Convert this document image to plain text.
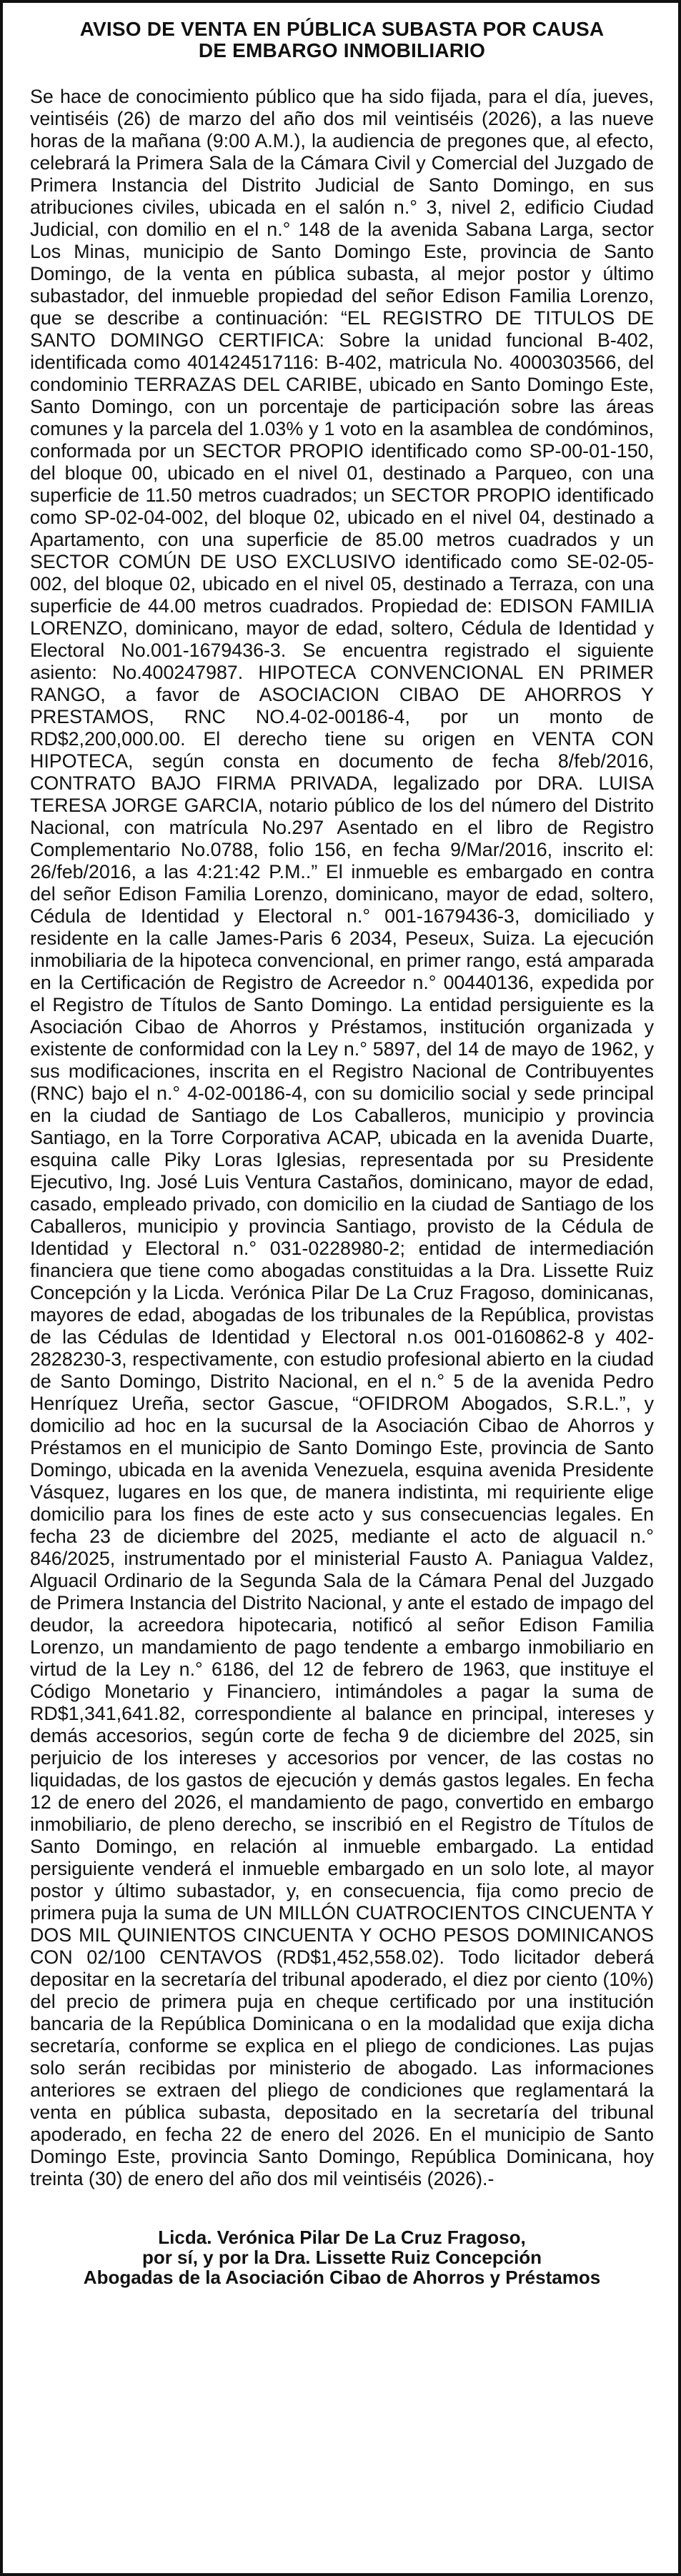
AVISO DE VENTA EN PÚBLICA SUBASTA POR CAUSA
DE EMBARGO INMOBILIARIO

Se hace de conocimiento público que ha sido fijada, para el día, jueves, veintiséis (26) de marzo del año dos mil veintiséis (2026), a las nueve horas de la mañana (9:00 A.M.), la audiencia de pregones que, al efecto, celebrará la Primera Sala de la Cámara Civil y Comercial del Juzgado de Primera Instancia del Distrito Judicial de Santo Domingo, en sus atribuciones civiles, ubicada en el salón n.° 3, nivel 2, edificio Ciudad Judicial, con domilio en el n.° 148 de la avenida Sabana Larga, sector Los Minas, municipio de Santo Domingo Este, provincia de Santo Domingo, de la venta en pública subasta, al mejor postor y último subastador, del inmueble propiedad del señor Edison Familia Lorenzo, que se describe a continuación: “EL REGISTRO DE TITULOS DE SANTO DOMINGO CERTIFICA: Sobre la unidad funcional B-402, identificada como 401424517116: B-402, matricula No. 4000303566, del condominio TERRAZAS DEL CARIBE, ubicado en Santo Domingo Este, Santo Domingo, con un porcentaje de participación sobre las áreas comunes y la parcela del 1.03% y 1 voto en la asamblea de condóminos, conformada por un SECTOR PROPIO identificado como SP-00-01-150, del bloque 00, ubicado en el nivel 01, destinado a Parqueo, con una superficie de 11.50 metros cuadrados; un SECTOR PROPIO identificado como SP-02-04-002, del bloque 02, ubicado en el nivel 04, destinado a Apartamento, con una superficie de 85.00 metros cuadrados y un SECTOR COMÚN DE USO EXCLUSIVO identificado como SE-02-05-002, del bloque 02, ubicado en el nivel 05, destinado a Terraza, con una superficie de 44.00 metros cuadrados. Propiedad de: EDISON FAMILIA LORENZO, dominicano, mayor de edad, soltero, Cédula de Identidad y Electoral No.001-1679436-3. Se encuentra registrado el siguiente asiento: No.400247987. HIPOTECA CONVENCIONAL EN PRIMER RANGO, a favor de ASOCIACION CIBAO DE AHORROS Y PRESTAMOS, RNC NO.4-02-00186-4, por un monto de RD$2,200,000.00. El derecho tiene su origen en VENTA CON HIPOTECA, según consta en documento de fecha 8/feb/2016, CONTRATO BAJO FIRMA PRIVADA, legalizado por DRA. LUISA TERESA JORGE GARCIA, notario público de los del número del Distrito Nacional, con matrícula No.297 Asentado en el libro de Registro Complementario No.0788, folio 156, en fecha 9/Mar/2016, inscrito el: 26/feb/2016, a las 4:21:42 P.M..” El inmueble es embargado en contra del señor Edison Familia Lorenzo, dominicano, mayor de edad, soltero, Cédula de Identidad y Electoral n.° 001-1679436-3, domiciliado y residente en la calle James-Paris 6 2034, Peseux, Suiza. La ejecución inmobiliaria de la hipoteca convencional, en primer rango, está amparada en la Certificación de Registro de Acreedor n.° 00440136, expedida por el Registro de Títulos de Santo Domingo. La entidad persiguiente es la Asociación Cibao de Ahorros y Préstamos, institución organizada y existente de conformidad con la Ley n.° 5897, del 14 de mayo de 1962, y sus modificaciones, inscrita en el Registro Nacional de Contribuyentes (RNC) bajo el n.° 4-02-00186-4, con su domicilio social y sede principal en la ciudad de Santiago de Los Caballeros, municipio y provincia Santiago, en la Torre Corporativa ACAP, ubicada en la avenida Duarte, esquina calle Piky Loras Iglesias, representada por su Presidente Ejecutivo, Ing. José Luis Ventura Castaños, dominicano, mayor de edad, casado, empleado privado, con domicilio en la ciudad de Santiago de los Caballeros, municipio y provincia Santiago, provisto de la Cédula de Identidad y Electoral n.° 031-0228980-2; entidad de intermediación financiera que tiene como abogadas constituidas a la Dra. Lissette Ruiz Concepción y la Licda. Verónica Pilar De La Cruz Fragoso, dominicanas, mayores de edad, abogadas de los tribunales de la República, provistas de las Cédulas de Identidad y Electoral n.os 001-0160862-8 y 402-2828230-3, respectivamente, con estudio profesional abierto en la ciudad de Santo Domingo, Distrito Nacional, en el n.° 5 de la avenida Pedro Henríquez Ureña, sector Gascue, “OFIDROM Abogados, S.R.L.”, y domicilio ad hoc en la sucursal de la Asociación Cibao de Ahorros y Préstamos en el municipio de Santo Domingo Este, provincia de Santo Domingo, ubicada en la avenida Venezuela, esquina avenida Presidente Vásquez, lugares en los que, de manera indistinta, mi requiriente elige domicilio para los fines de este acto y sus consecuencias legales. En fecha 23 de diciembre del 2025, mediante el acto de alguacil n.° 846/2025, instrumentado por el ministerial Fausto A. Paniagua Valdez, Alguacil Ordinario de la Segunda Sala de la Cámara Penal del Juzgado de Primera Instancia del Distrito Nacional, y ante el estado de impago del deudor, la acreedora hipotecaria, notificó al señor Edison Familia Lorenzo, un mandamiento de pago tendente a embargo inmobiliario en virtud de la Ley n.° 6186, del 12 de febrero de 1963, que instituye el Código Monetario y Financiero, intimándoles a pagar la suma de RD$1,341,641.82, correspondiente al balance en principal, intereses y demás accesorios, según corte de fecha 9 de diciembre del 2025, sin perjuicio de los intereses y accesorios por vencer, de las costas no liquidadas, de los gastos de ejecución y demás gastos legales. En fecha 12 de enero del 2026, el mandamiento de pago, convertido en embargo inmobiliario, de pleno derecho, se inscribió en el Registro de Títulos de Santo Domingo, en relación al inmueble embargado. La entidad persiguiente venderá el inmueble embargado en un solo lote, al mayor postor y último subastador, y, en consecuencia, fija como precio de primera puja la suma de UN MILLÓN CUATROCIENTOS CINCUENTA Y DOS MIL QUINIENTOS CINCUENTA Y OCHO PESOS DOMINICANOS CON 02/100 CENTAVOS (RD$1,452,558.02). Todo licitador deberá depositar en la secretaría del tribunal apoderado, el diez por ciento (10%) del precio de primera puja en cheque certificado por una institución bancaria de la República Dominicana o en la modalidad que exija dicha secretaría, conforme se explica en el pliego de condiciones. Las pujas solo serán recibidas por ministerio de abogado. Las informaciones anteriores se extraen del pliego de condiciones que reglamentará la venta en pública subasta, depositado en la secretaría del tribunal apoderado, en fecha 22 de enero del 2026. En el municipio de Santo Domingo Este, provincia Santo Domingo, República Dominicana, hoy treinta (30) de enero del año dos mil veintiséis (2026).-

Licda. Verónica Pilar De La Cruz Fragoso,
por sí, y por la Dra. Lissette Ruiz Concepción
Abogadas de la Asociación Cibao de Ahorros y Préstamos
